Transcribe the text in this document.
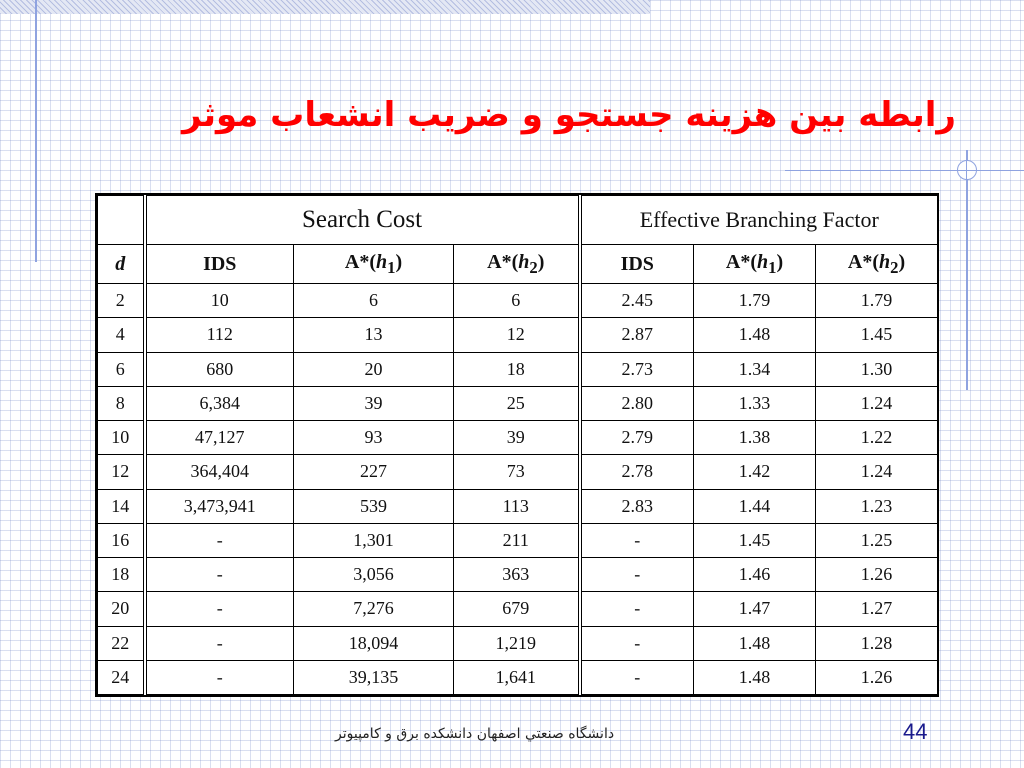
رابطه بین هزینه جستجو و ضریب انشعاب موثر
	Search Cost			Effective Branching Factor		
d	IDS	$A*(h_1)$	$A*(h_2)$	IDS	$A*(h_1)$	$A*(h_2)$
2	10	6	6	2.45	1.79	1.79
4	112	13	12	2.87	1.48	1.45
6	680	20	18	2.73	1.34	1.30
8	6,384	39	25	2.80	1.33	1.24
10	47,127	93	39	2.79	1.38	1.22
12	364,404	227	73	2.78	1.42	1.24
14	3,473,941	539	113	2.83	1.44	1.23
16	-	1,301	211	-	1.45	1.25
18	-	3,056	363	-	1.46	1.26
20	-	7,276	679	-	1.47	1.27
22	-	18,094	1,219	-	1.48	1.28
24	-	39,135	1,641	-	1.48	1.26
دانشگاه صنعتي اصفهان دانشكده برق و كامپيوتر	44
